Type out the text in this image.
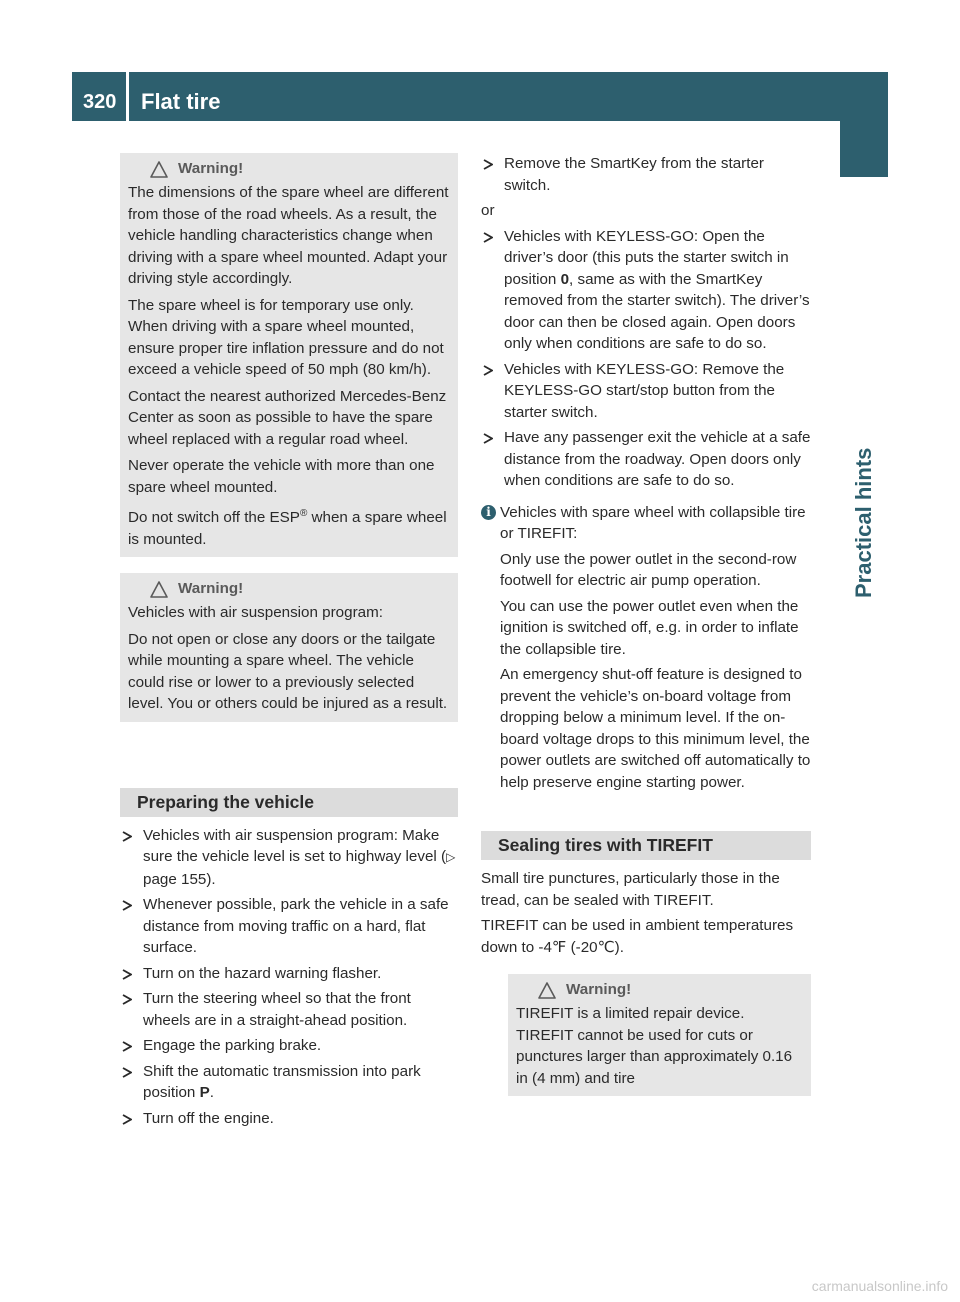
320	Flat tire
Practical hints
Warning!

The dimensions of the spare wheel are different from those of the road wheels. As a result, the vehicle handling characteristics change when driving with a spare wheel mounted. Adapt your driving style accordingly.

The spare wheel is for temporary use only. When driving with a spare wheel mounted, ensure proper tire inflation pressure and do not exceed a vehicle speed of 50 mph (80 km/h).

Contact the nearest authorized Mercedes-Benz Center as soon as possible to have the spare wheel replaced with a regular road wheel.

Never operate the vehicle with more than one spare wheel mounted.

Do not switch off the ESP® when a spare wheel is mounted.

Warning!

Vehicles with air suspension program:

Do not open or close any doors or the tailgate while mounting a spare wheel. The vehicle could rise or lower to a previously selected level. You or others could be injured as a result.

Preparing the vehicle
Vehicles with air suspension program: Make sure the vehicle level is set to highway level (▷ page 155).
Whenever possible, park the vehicle in a safe distance from moving traffic on a hard, flat surface.
Turn on the hazard warning flasher.
Turn the steering wheel so that the front wheels are in a straight-ahead position.
Engage the parking brake.
Shift the automatic transmission into park position P.
Turn off the engine.
Remove the SmartKey from the starter switch.
or
Vehicles with KEYLESS-GO: Open the driver’s door (this puts the starter switch in position 0, same as with the SmartKey removed from the starter switch). The driver’s door can then be closed again. Open doors only when conditions are safe to do so.
Vehicles with KEYLESS-GO: Remove the KEYLESS-GO start/stop button from the starter switch.
Have any passenger exit the vehicle at a safe distance from the roadway. Open doors only when conditions are safe to do so.
i Vehicles with spare wheel with collapsible tire or TIREFIT:

Only use the power outlet in the second-row footwell for electric air pump operation.

You can use the power outlet even when the ignition is switched off, e.g. in order to inflate the collapsible tire.

An emergency shut-off feature is designed to prevent the vehicle’s on-board voltage from dropping below a minimum level. If the on-board voltage drops to this minimum level, the power outlets are switched off automatically to help preserve engine starting power.

Sealing tires with TIREFIT

Small tire punctures, particularly those in the tread, can be sealed with TIREFIT.

TIREFIT can be used in ambient temperatures down to -4℉ (-20℃).

Warning!

TIREFIT is a limited repair device. TIREFIT cannot be used for cuts or punctures larger than approximately 0.16 in (4 mm) and tire

carmanualsonline.info
